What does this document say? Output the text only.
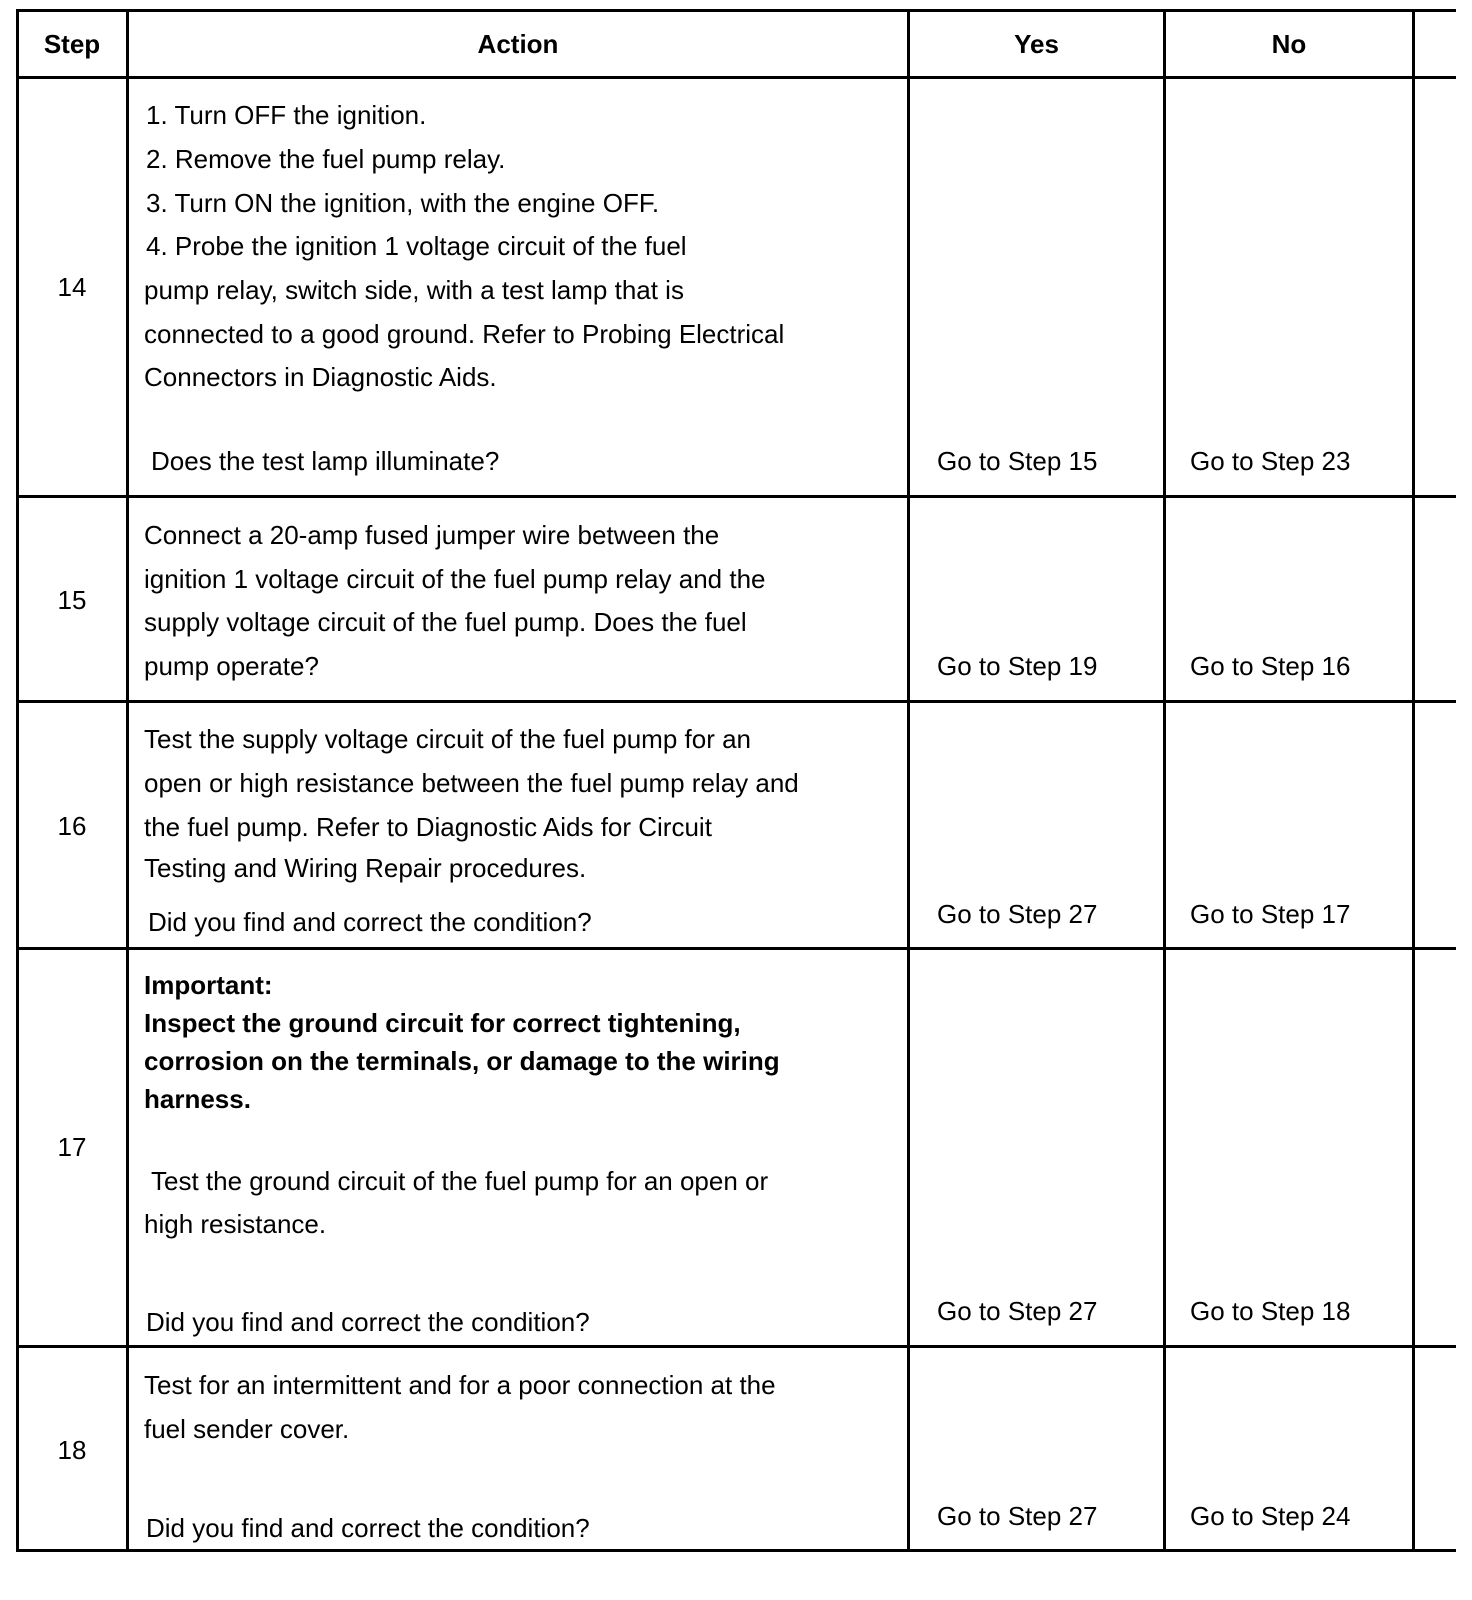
Step	Action	Yes	No
14
1. Turn OFF the ignition.
2. Remove the fuel pump relay.
3. Turn ON the ignition, with the engine OFF.
4. Probe the ignition 1 voltage circuit of the fuel
pump relay, switch side, with a test lamp that is
connected to a good ground. Refer to Probing Electrical
Connectors in Diagnostic Aids.
Does the test lamp illuminate?	Go to Step 15	Go to Step 23
15
Connect a 20-amp fused jumper wire between the
ignition 1 voltage circuit of the fuel pump relay and the
supply voltage circuit of the fuel pump. Does the fuel
pump operate?	Go to Step 19	Go to Step 16
16
Test the supply voltage circuit of the fuel pump for an
open or high resistance between the fuel pump relay and
the fuel pump. Refer to Diagnostic Aids for Circuit
Testing and Wiring Repair procedures.
Did you find and correct the condition?	Go to Step 27	Go to Step 17
17
Important:
Inspect the ground circuit for correct tightening,
corrosion on the terminals, or damage to the wiring
harness.
Test the ground circuit of the fuel pump for an open or
high resistance.
Did you find and correct the condition?	Go to Step 27	Go to Step 18
18
Test for an intermittent and for a poor connection at the
fuel sender cover.
Did you find and correct the condition?	Go to Step 27	Go to Step 24
